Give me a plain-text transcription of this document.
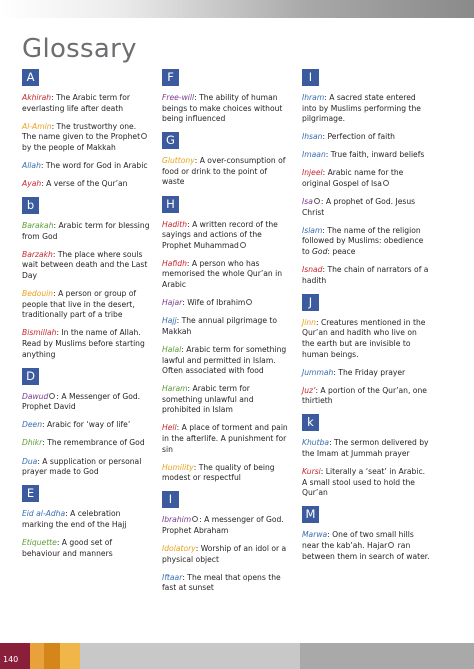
Glossary
A
Akhirah: The Arabic term for everlasting life after death
Al-Amin: The trustworthy one. The name given to the Prophet by the people of Makkah
Allah: The word for God in Arabic
Ayah: A verse of the Qur’an
b
Barakah: Arabic term for blessing from God
Barzakh: The place where souls wait between death and the Last Day
Bedouin: A person or group of people that live in the desert, traditionally part of a tribe
Bismillah: In the name of Allah. Read by Muslims before starting anything
D
Dawud : A Messenger of God. Prophet David
Deen: Arabic for ‘way of life’
Dhikr: The remembrance of God
Dua: A supplication or personal prayer made to God
E
Eid al-Adha: A celebration marking the end of the Hajj
Etiquette: A good set of behaviour and manners
F
Free-will: The ability of human beings to make choices without being influenced
G
Gluttony: A over-consumption of food or drink to the point of waste
H
Hadith: A written record of the sayings and actions of the Prophet Muhammad
Hafidh: A person who has memorised the whole Qur’an in Arabic
Hajar: Wife of Ibrahim
Hajj: The annual pilgrimage to Makkah
Halal: Arabic term for something lawful and permitted in Islam. Often associated with food
Haram: Arabic term for something unlawful and prohibited in Islam
Hell: A place of torment and pain in the afterlife. A punishment for sin
Humility: The quality of being modest or respectful
I
Ibrahim : A messenger of God. Prophet Abraham
Idolatory: Worship of an idol or a physical object
Iftaar: The meal that opens the fast at sunset
I
Ihram: A sacred state entered into by Muslims performing the pilgrimage.
Ihsan: Perfection of faith
Imaan: True faith, inward beliefs
Injeel: Arabic name for the original Gospel of Isa
Isa : A prophet of God. Jesus Christ
Islam: The name of the religion followed by Muslims: obedience to God: peace
Isnad: The chain of narrators of a hadith
J
Jinn: Creatures mentioned in the Qur’an and hadith who live on the earth but are invisible to human beings.
Jummah: The Friday prayer
Juz’: A portion of the Qur’an, one thirtieth
k
Khutba: The sermon delivered by the Imam at Jummah prayer
Kursi: Literally a ‘seat’ in Arabic. A small stool used to hold the Qur’an
M
Marwa: One of two small hills near the kab’ah. Hajar ran between them in search of water.
140
